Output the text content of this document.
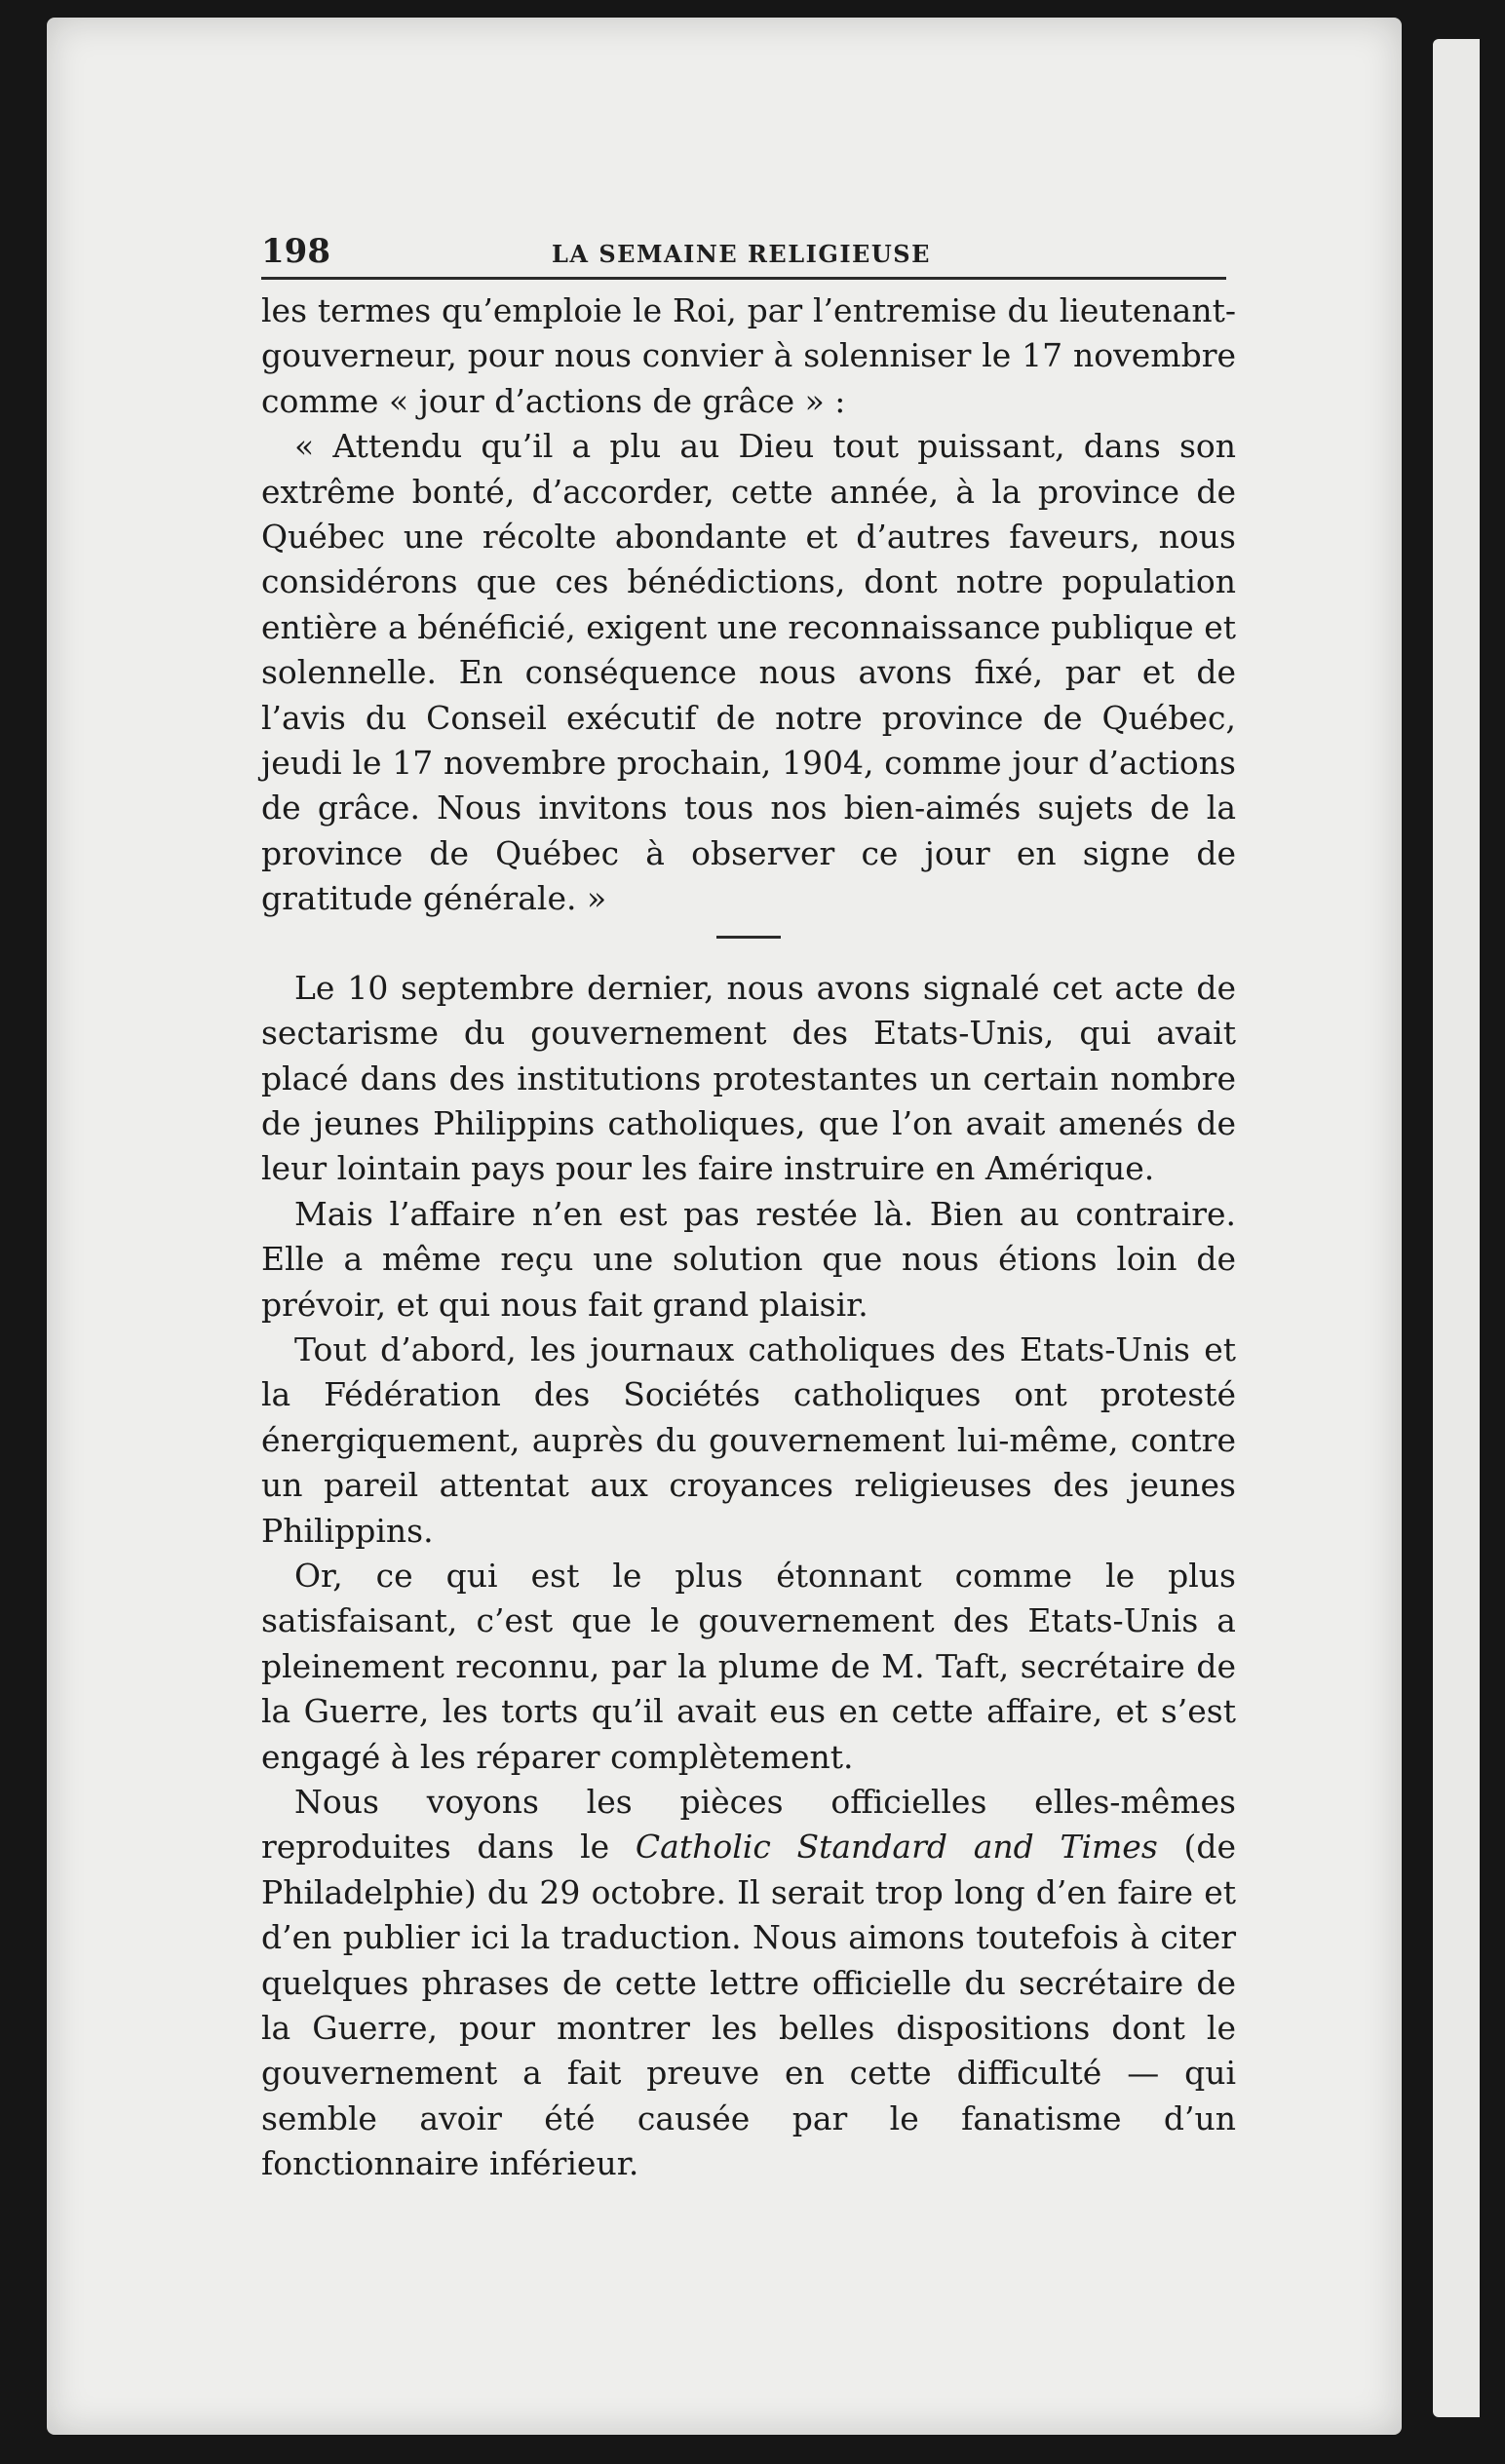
198	LA SEMAINE RELIGIEUSE

les termes qu’emploie le Roi, par l’entremise du lieutenant-gouverneur, pour nous convier à solenniser le 17 novembre comme « jour d’actions de grâce » :

« Attendu qu’il a plu au Dieu tout puissant, dans son extrême bonté, d’accorder, cette année, à la province de Québec une récolte abondante et d’autres faveurs, nous considérons que ces bénédictions, dont notre population entière a bénéficié, exigent une reconnaissance publique et solennelle. En conséquence nous avons fixé, par et de l’avis du Conseil exécutif de notre province de Québec, jeudi le 17 novembre prochain, 1904, comme jour d’actions de grâce. Nous invitons tous nos bien-aimés sujets de la province de Québec à observer ce jour en signe de gratitude générale. »

Le 10 septembre dernier, nous avons signalé cet acte de sectarisme du gouvernement des Etats-Unis, qui avait placé dans des institutions protestantes un certain nombre de jeunes Philippins catholiques, que l’on avait amenés de leur lointain pays pour les faire instruire en Amérique.

Mais l’affaire n’en est pas restée là. Bien au contraire. Elle a même reçu une solution que nous étions loin de prévoir, et qui nous fait grand plaisir.

Tout d’abord, les journaux catholiques des Etats-Unis et la Fédération des Sociétés catholiques ont protesté énergiquement, auprès du gouvernement lui-même, contre un pareil attentat aux croyances religieuses des jeunes Philippins.

Or, ce qui est le plus étonnant comme le plus satisfaisant, c’est que le gouvernement des Etats-Unis a pleinement reconnu, par la plume de M. Taft, secrétaire de la Guerre, les torts qu’il avait eus en cette affaire, et s’est engagé à les réparer complètement.

Nous voyons les pièces officielles elles-mêmes reproduites dans le Catholic Standard and Times (de Philadelphie) du 29 octobre. Il serait trop long d’en faire et d’en publier ici la traduction. Nous aimons toutefois à citer quelques phrases de cette lettre officielle du secrétaire de la Guerre, pour montrer les belles dispositions dont le gouvernement a fait preuve en cette difficulté — qui semble avoir été causée par le fanatisme d’un fonctionnaire inférieur.
